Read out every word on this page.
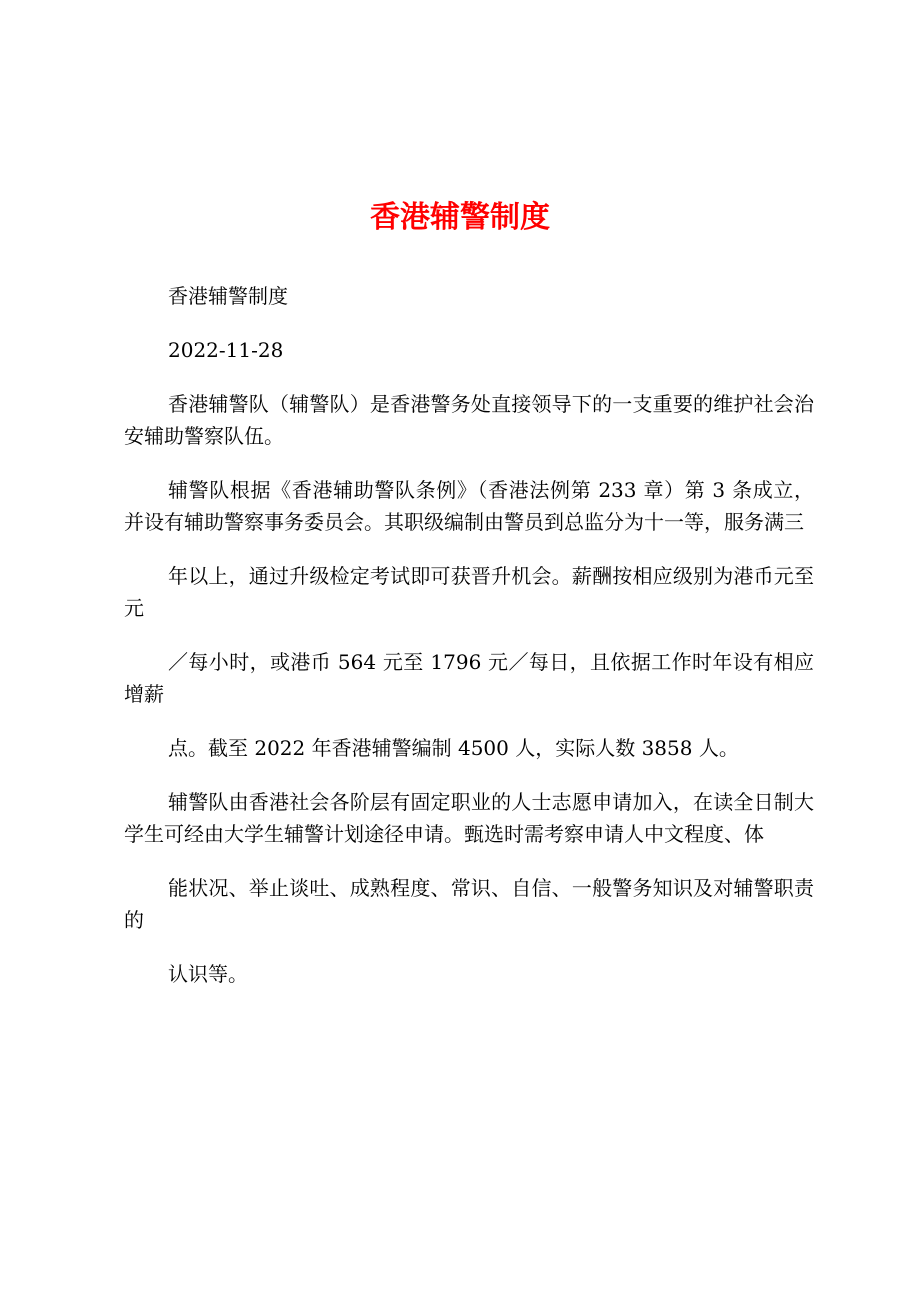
香港辅警制度

香港辅警制度

2022-11-28

香港辅警队（辅警队）是香港警务处直接领导下的一支重要的维护社会治安辅助警察队伍。

辅警队根据《香港辅助警队条例》（香港法例第 233 章）第 3 条成立，并设有辅助警察事务委员会。其职级编制由警员到总监分为十一等，服务满三

年以上，通过升级检定考试即可获晋升机会。薪酬按相应级别为港币元至元

／每小时，或港币 564 元至 1796 元／每日，且依据工作时年设有相应增薪

点。截至 2022 年香港辅警编制 4500 人，实际人数 3858 人。

辅警队由香港社会各阶层有固定职业的人士志愿申请加入，在读全日制大学生可经由大学生辅警计划途径申请。甄选时需考察申请人中文程度、体

能状况、举止谈吐、成熟程度、常识、自信、一般警务知识及对辅警职责的

认识等。
